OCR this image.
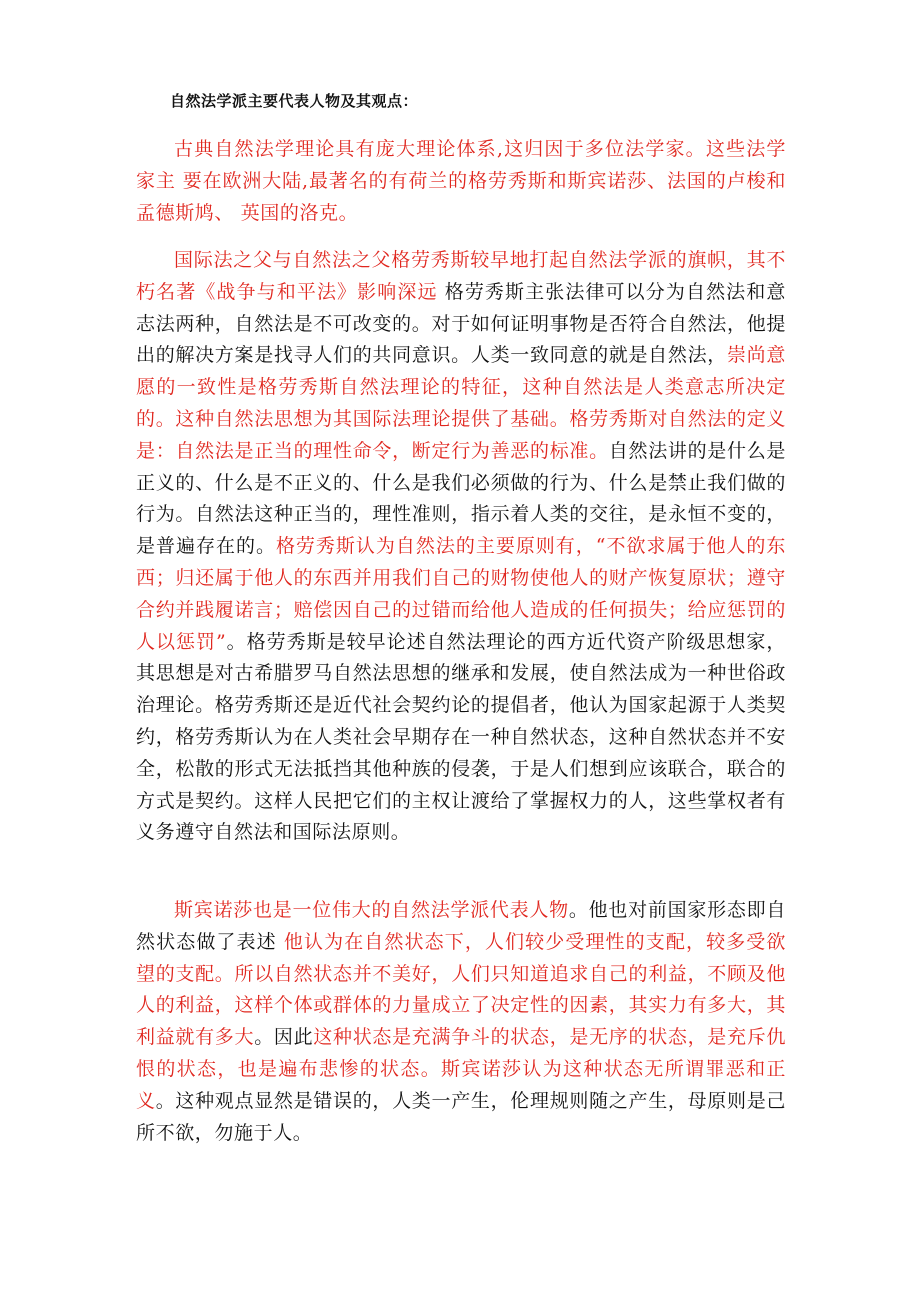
自然法学派主要代表人物及其观点：

古典自然法学理论具有庞大理论体系,这归因于多位法学家。这些法学家主 要在欧洲大陆,最著名的有荷兰的格劳秀斯和斯宾诺莎、法国的卢梭和孟德斯鸠、 英国的洛克。

国际法之父与自然法之父格劳秀斯较早地打起自然法学派的旗帜，其不朽名著《战争与和平法》影响深远 格劳秀斯主张法律可以分为自然法和意志法两种，自然法是不可改变的。对于如何证明事物是否符合自然法，他提出的解决方案是找寻人们的共同意识。人类一致同意的就是自然法，崇尚意愿的一致性是格劳秀斯自然法理论的特征，这种自然法是人类意志所决定的。这种自然法思想为其国际法理论提供了基础。格劳秀斯对自然法的定义是：自然法是正当的理性命令，断定行为善恶的标准。自然法讲的是什么是正义的、什么是不正义的、什么是我们必须做的行为、什么是禁止我们做的行为。自然法这种正当的，理性准则，指示着人类的交往，是永恒不变的，是普遍存在的。格劳秀斯认为自然法的主要原则有，“不欲求属于他人的东西；归还属于他人的东西并用我们自己的财物使他人的财产恢复原状；遵守合约并践履诺言；赔偿因自己的过错而给他人造成的任何损失；给应惩罚的人以惩罚”。格劳秀斯是较早论述自然法理论的西方近代资产阶级思想家，其思想是对古希腊罗马自然法思想的继承和发展，使自然法成为一种世俗政治理论。格劳秀斯还是近代社会契约论的提倡者，他认为国家起源于人类契约，格劳秀斯认为在人类社会早期存在一种自然状态，这种自然状态并不安全，松散的形式无法抵挡其他种族的侵袭，于是人们想到应该联合，联合的方式是契约。这样人民把它们的主权让渡给了掌握权力的人，这些掌权者有义务遵守自然法和国际法原则。

斯宾诺莎也是一位伟大的自然法学派代表人物。他也对前国家形态即自然状态做了表述 他认为在自然状态下，人们较少受理性的支配，较多受欲望的支配。所以自然状态并不美好，人们只知道追求自己的利益，不顾及他人的利益，这样个体或群体的力量成立了决定性的因素，其实力有多大，其利益就有多大。因此这种状态是充满争斗的状态，是无序的状态，是充斥仇恨的状态，也是遍布悲惨的状态。斯宾诺莎认为这种状态无所谓罪恶和正义。这种观点显然是错误的，人类一产生，伦理规则随之产生，母原则是己所不欲，勿施于人。
